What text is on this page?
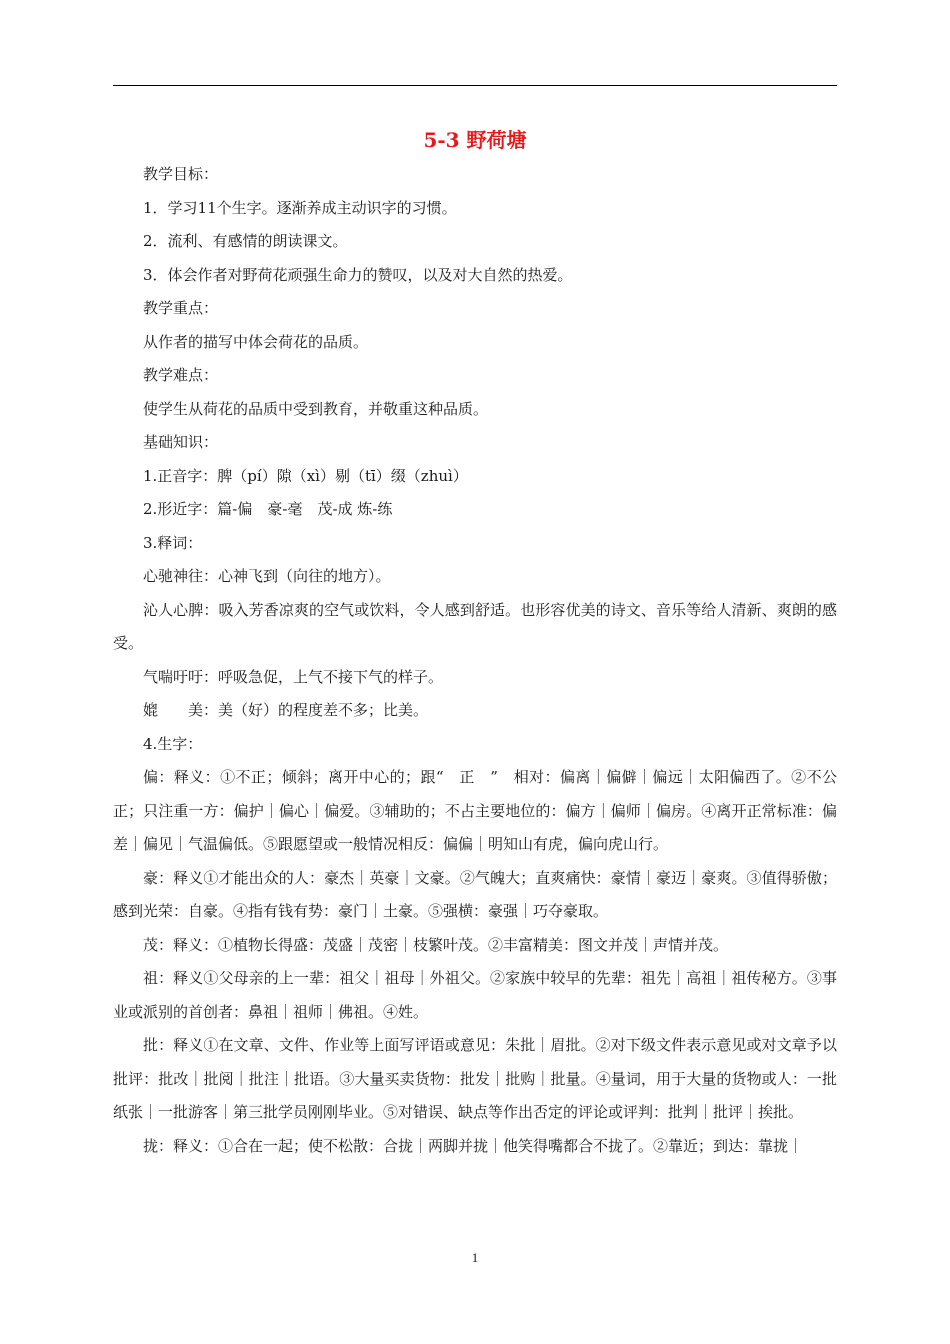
5-3 野荷塘

教学目标：

1．学习11个生字。逐渐养成主动识字的习惯。

2．流利、有感情的朗读课文。

3．体会作者对野荷花顽强生命力的赞叹，以及对大自然的热爱。

教学重点：

从作者的描写中体会荷花的品质。

教学难点：

使学生从荷花的品质中受到教育，并敬重这种品质。

基础知识：

1.正音字：脾（pí）隙（xì）剔（tī）缀（zhuì）

2.形近字：篇-偏　豪-毫　茂-成 炼-练

3.释词：

心驰神往：心神飞到（向往的地方）。

沁人心脾：吸入芳香凉爽的空气或饮料，令人感到舒适。也形容优美的诗文、音乐等给人清新、爽朗的感受。

气喘吁吁：呼吸急促，上气不接下气的样子。

媲　　美：美（好）的程度差不多；比美。

4.生字：

偏：释义：①不正；倾斜；离开中心的；跟“　正　”　相对：偏离｜偏僻｜偏远｜太阳偏西了。②不公正；只注重一方：偏护｜偏心｜偏爱。③辅助的；不占主要地位的：偏方｜偏师｜偏房。④离开正常标准：偏差｜偏见｜气温偏低。⑤跟愿望或一般情况相反：偏偏｜明知山有虎，偏向虎山行。

豪：释义①才能出众的人：豪杰｜英豪｜文豪。②气魄大；直爽痛快：豪情｜豪迈｜豪爽。③值得骄傲；感到光荣：自豪。④指有钱有势：豪门｜土豪。⑤强横：豪强｜巧夺豪取。

茂：释义：①植物长得盛：茂盛｜茂密｜枝繁叶茂。②丰富精美：图文并茂｜声情并茂。

祖：释义①父母亲的上一辈：祖父｜祖母｜外祖父。②家族中较早的先辈：祖先｜高祖｜祖传秘方。③事业或派别的首创者：鼻祖｜祖师｜佛祖。④姓。

批：释义①在文章、文件、作业等上面写评语或意见：朱批｜眉批。②对下级文件表示意见或对文章予以批评：批改｜批阅｜批注｜批语。③大量买卖货物：批发｜批购｜批量。④量词，用于大量的货物或人：一批纸张｜一批游客｜第三批学员刚刚毕业。⑤对错误、缺点等作出否定的评论或评判：批判｜批评｜挨批。

拢：释义：①合在一起；使不松散：合拢｜两脚并拢｜他笑得嘴都合不拢了。②靠近；到达：靠拢｜

1
